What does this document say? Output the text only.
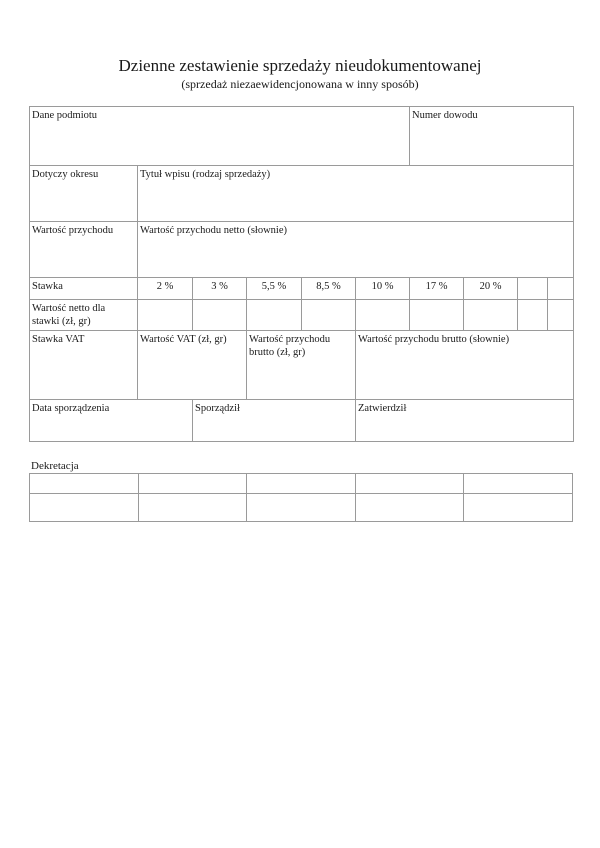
Dzienne zestawienie sprzedaży nieudokumentowanej
(sprzedaż niezaewidencjonowana w inny sposób)
Dane podmiotu						Numer dowodu			
Dotyczy okresu	Tytuł wpisu (rodzaj sprzedaży)								
Wartość przychodu	Wartość przychodu netto (słownie)								
Stawka	2 %	3 %	5,5 %	8,5 %	10 %	17 %	20 %		
Wartość netto dla stawki (zł, gr)									
Stawka VAT	Wartość VAT (zł, gr)		Wartość przychodu brutto (zł, gr)		Wartość przychodu brutto (słownie)				
Data sporządzenia		Sporządził			Zatwierdził				
Dekretacja
